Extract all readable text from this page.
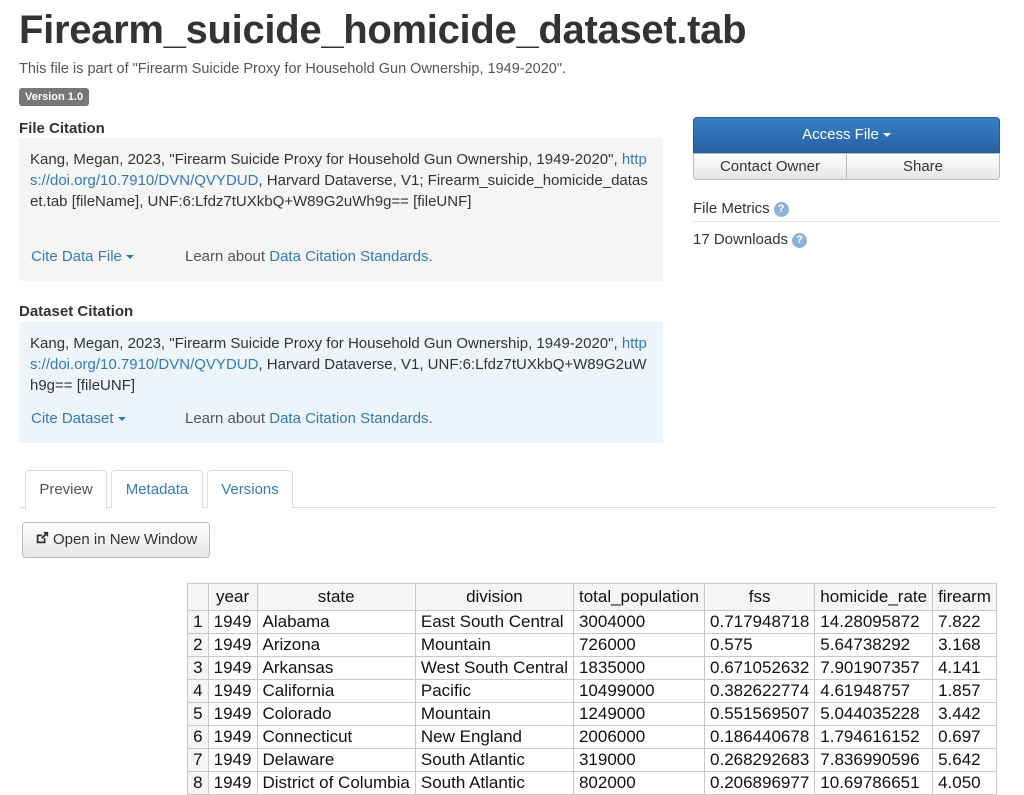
Firearm_suicide_homicide_dataset.tab
This file is part of "Firearm Suicide Proxy for Household Gun Ownership, 1949-2020".
Version 1.0
File Citation
Kang, Megan, 2023, "Firearm Suicide Proxy for Household Gun Ownership, 1949-2020", https://doi.org/10.7910/DVN/QVYDUD, Harvard Dataverse, V1; Firearm_suicide_homicide_dataset.tab [fileName], UNF:6:Lfdz7tUXkbQ+W89G2uWh9g== [fileUNF]
Cite Data File	Learn about Data Citation Standards.
Dataset Citation
Kang, Megan, 2023, "Firearm Suicide Proxy for Household Gun Ownership, 1949-2020", https://doi.org/10.7910/DVN/QVYDUD, Harvard Dataverse, V1, UNF:6:Lfdz7tUXkbQ+W89G2uWh9g== [fileUNF]
Cite Dataset	Learn about Data Citation Standards.
Access File
Contact Owner	Share
File Metrics ?
17 Downloads ?
Preview	Metadata	Versions
Open in New Window
	year	state	division	total_population	fss	homicide_rate	firearm
1	1949	Alabama	East South Central	3004000	0.717948718	14.28095872	7.822
2	1949	Arizona	Mountain	726000	0.575	5.64738292	3.168
3	1949	Arkansas	West South Central	1835000	0.671052632	7.901907357	4.141
4	1949	California	Pacific	10499000	0.382622774	4.61948757	1.857
5	1949	Colorado	Mountain	1249000	0.551569507	5.044035228	3.442
6	1949	Connecticut	New England	2006000	0.186440678	1.794616152	0.697
7	1949	Delaware	South Atlantic	319000	0.268292683	7.836990596	5.642
8	1949	District of Columbia	South Atlantic	802000	0.206896977	10.69786651	4.050
